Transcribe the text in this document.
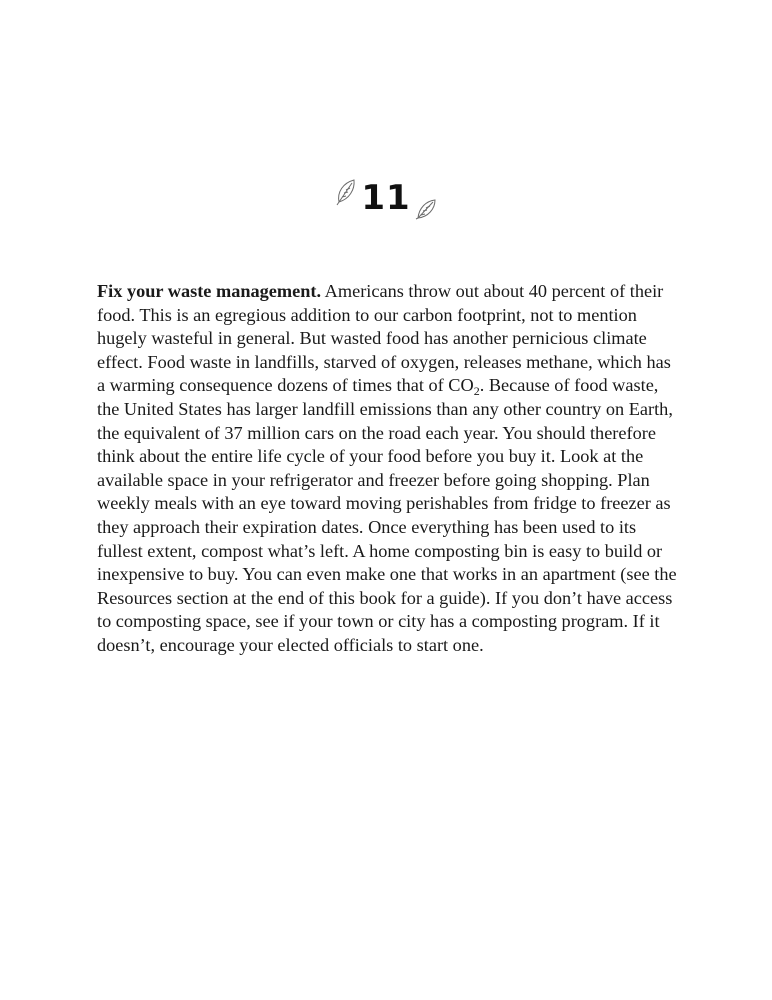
11

Fix your waste management. Americans throw out about 40 percent of their food. This is an egregious addition to our carbon footprint, not to mention hugely wasteful in general. But wasted food has another pernicious climate effect. Food waste in landfills, starved of oxygen, releases methane, which has a warming consequence dozens of times that of $CO_2$. Because of food waste, the United States has larger landfill emissions than any other country on Earth, the equivalent of 37 million cars on the road each year. You should therefore think about the entire life cycle of your food before you buy it. Look at the available space in your refrigerator and freezer before going shopping. Plan weekly meals with an eye toward moving perishables from fridge to freezer as they approach their expiration dates. Once everything has been used to its fullest extent, compost what’s left. A home composting bin is easy to build or inexpensive to buy. You can even make one that works in an apartment (see the Resources section at the end of this book for a guide). If you don’t have access to composting space, see if your town or city has a composting program. If it doesn’t, encourage your elected officials to start one.
